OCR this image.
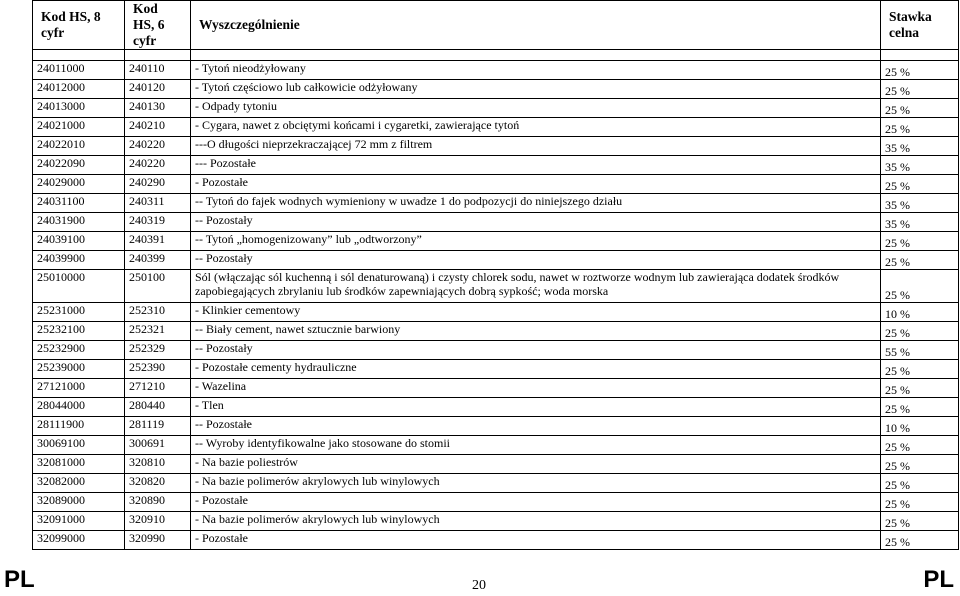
Kod HS, 8 cyfr	Kod HS, 6 cyfr	Wyszczególnienie	Stawka celna

24011000	240110	- Tytoń nieodżyłowany	25 %
24012000	240120	- Tytoń częściowo lub całkowicie odżyłowany	25 %
24013000	240130	- Odpady tytoniu	25 %
24021000	240210	- Cygara, nawet z obciętymi końcami i cygaretki, zawierające tytoń	25 %
24022010	240220	---O długości nieprzekraczającej 72 mm z filtrem	35 %
24022090	240220	--- Pozostałe	35 %
24029000	240290	- Pozostałe	25 %
24031100	240311	-- Tytoń do fajek wodnych wymieniony w uwadze 1 do podpozycji do niniejszego działu	35 %
24031900	240319	-- Pozostały	35 %
24039100	240391	-- Tytoń „homogenizowany” lub „odtworzony”	25 %
24039900	240399	-- Pozostały	25 %
25010000	250100	Sól (włączając sól kuchenną i sól denaturowaną) i czysty chlorek sodu, nawet w roztworze wodnym lub zawierająca dodatek środków zapobiegających zbrylaniu lub środków zapewniających dobrą sypkość; woda morska	25 %
25231000	252310	- Klinkier cementowy	10 %
25232100	252321	-- Biały cement, nawet sztucznie barwiony	25 %
25232900	252329	-- Pozostały	55 %
25239000	252390	- Pozostałe cementy hydrauliczne	25 %
27121000	271210	- Wazelina	25 %
28044000	280440	- Tlen	25 %
28111900	281119	-- Pozostałe	10 %
30069100	300691	-- Wyroby identyfikowalne jako stosowane do stomii	25 %
32081000	320810	- Na bazie poliestrów	25 %
32082000	320820	- Na bazie polimerów akrylowych lub winylowych	25 %
32089000	320890	- Pozostałe	25 %
32091000	320910	- Na bazie polimerów akrylowych lub winylowych	25 %
32099000	320990	- Pozostałe	25 %
PL	20	PL
